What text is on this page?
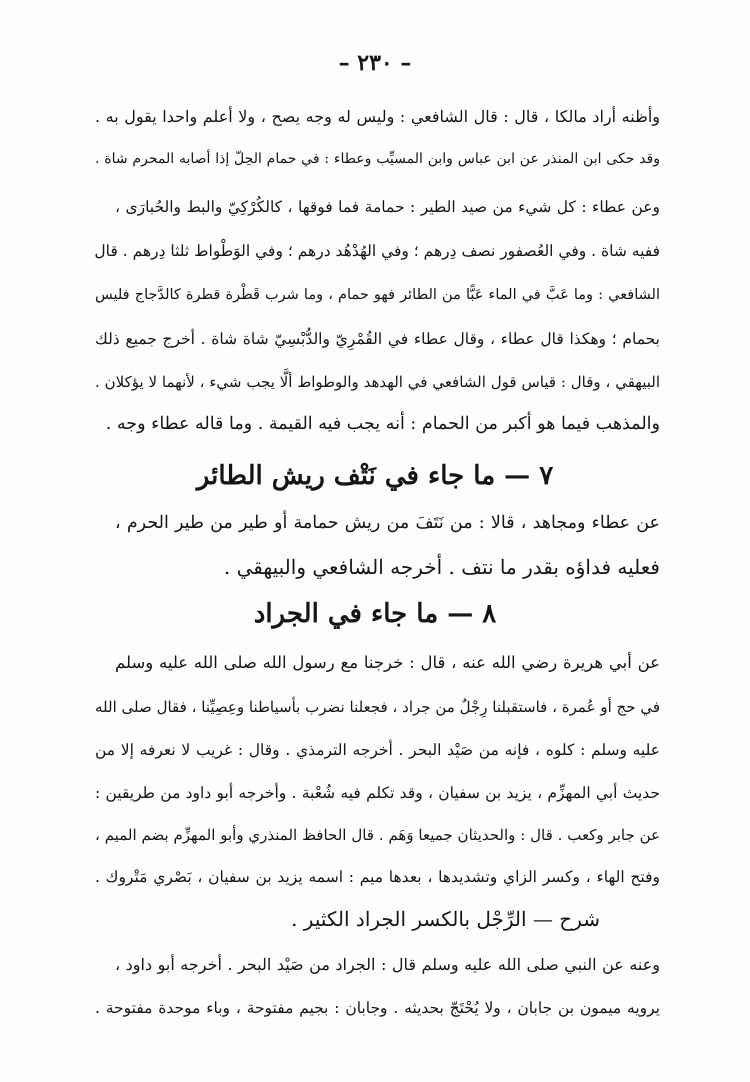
– ٢٣٠ –
وأظنه أراد مالكا ، قال : قال الشافعي : وليس له وجه يصح ، ولا أعلم واحدا يقول به .
وقد حكى ابن المنذر عن ابن عباس وابن المسيِّب وعطاء : في حمام الحِلّ إذا أصابه المحرم شاة .
وعن عطاء : كل شيء من صيد الطير : حمامة فما فوقها ، كالكُرْكِيّ والبط والحُبارَى ،
ففيه شاة . وفي العُصفور نصف دِرهم ؛ وفي الهُدْهُد درهم ؛ وفي الوَطْواط ثلثا دِرهم . قال
الشافعي : وما عَبَّ في الماء عَبًّا من الطائر فهو حمام ، وما شرب قَطْرة قطرة كالدَّجاج فليس
بحمام ؛ وهكذا قال عطاء ، وقال عطاء في القُمْرِيّ والدُّبْسِيّ شاة شاة . أخرج جميع ذلك
البيهقي ، وقال : قياس قول الشافعي في الهدهد والوطواط ألَّا يجب شيء ، لأنهما لا يؤكلان .
والمذهب فيما هو أكبر من الحمام : أنه يجب فيه القيمة . وما قاله عطاء وجه .
٧ — ما جاء في نَتْف ريش الطائر
عن عطاء ومجاهد ، قالا : من نَتَفَ من ريش حمامة أو طير من طير الحرم ،
فعليه فداؤه بقدر ما نتف . أخرجه الشافعي والبيهقي .
٨ — ما جاء في الجراد
عن أبي هريرة رضي الله عنه ، قال : خرجنا مع رسول الله صلى الله عليه وسلم
في حج أو عُمرة ، فاستقبلنا رِجْلٌ من جراد ، فجعلنا نضرب بأسياطنا وعِصِيِّنا ، فقال صلى الله
عليه وسلم : كلوه ، فإنه من صَيْد البحر . أخرجه الترمذي . وقال : غريب لا نعرفه إلا من
حديث أبي المهزِّم ، يزيد بن سفيان ، وقد تكلم فيه شُعْبة . وأخرجه أبو داود من طريقين :
عن جابر وكعب . قال : والحديثان جميعا وَهَم . قال الحافظ المنذري وأبو المهزِّم بضم الميم ،
وفتح الهاء ، وكسر الزاي وتشديدها ، بعدها ميم : اسمه يزيد بن سفيان ، بَصْري مَتْروك .
شرح — الرِّجْل بالكسر الجراد الكثير .
وعنه عن النبي صلى الله عليه وسلم قال : الجراد من صَيْد البحر . أخرجه أبو داود ،
يرويه ميمون بن جابان ، ولا يُحْتَجّ بحديثه . وجابان : بجيم مفتوحة ، وباء موحدة مفتوحة .
